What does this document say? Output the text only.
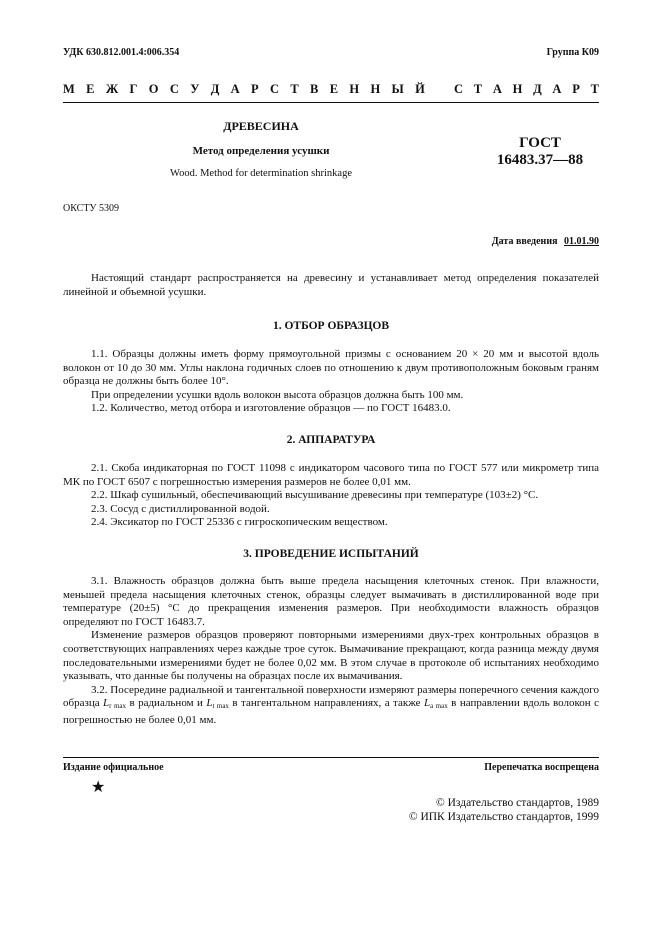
УДК 630.812.001.4:006.354	Группа К09
М Е Ж Г О С У Д А Р С Т В Е Н Н Ы Й С Т А Н Д А Р Т
ДРЕВЕСИНА
Метод определения усушки
Wood. Method for determination shrinkage
ГОСТ
16483.37—88
ОКСТУ 5309
Дата введения 01.01.90

Настоящий стандарт распространяется на древесину и устанавливает метод определения показателей линейной и объемной усушки.

1. ОТБОР ОБРАЗЦОВ

1.1. Образцы должны иметь форму прямоугольной призмы с основанием 20 × 20 мм и высотой вдоль волокон от 10 до 30 мм. Углы наклона годичных слоев по отношению к двум противоположным боковым граням образца не должны быть более 10°.

При определении усушки вдоль волокон высота образцов должна быть 100 мм.

1.2. Количество, метод отбора и изготовление образцов — по ГОСТ 16483.0.

2. АППАРАТУРА

2.1. Скоба индикаторная по ГОСТ 11098 с индикатором часового типа по ГОСТ 577 или микрометр типа МК по ГОСТ 6507 с погрешностью измерения размеров не более 0,01 мм.

2.2. Шкаф сушильный, обеспечивающий высушивание древесины при температуре (103±2) °С.

2.3. Сосуд с дистиллированной водой.

2.4. Эксикатор по ГОСТ 25336 с гигроскопическим веществом.

3. ПРОВЕДЕНИЕ ИСПЫТАНИЙ

3.1. Влажность образцов должна быть выше предела насыщения клеточных стенок. При влажности, меньшей предела насыщения клеточных стенок, образцы следует вымачивать в дистиллированной воде при температуре (20±5) °С до прекращения изменения размеров. При необходимости влажность образцов определяют по ГОСТ 16483.7.

Изменение размеров образцов проверяют повторными измерениями двух-трех контрольных образцов в соответствующих направлениях через каждые трое суток. Вымачивание прекращают, когда разница между двумя последовательными измерениями будет не более 0,02 мм. В этом случае в протоколе об испытаниях необходимо указывать, что данные бы получены на образцах после их вымачивания.

3.2. Посередине радиальной и тангентальной поверхности измеряют размеры поперечного сечения каждого образца $L_{r max}$ в радиальном и $L_{t max}$ в тангентальном направлениях, а также $L_{a max}$ в направлении вдоль волокон с погрешностью не более 0,01 мм.

Издание официальное	Перепечатка воспрещена
★
© Издательство стандартов, 1989
© ИПК Издательство стандартов, 1999
